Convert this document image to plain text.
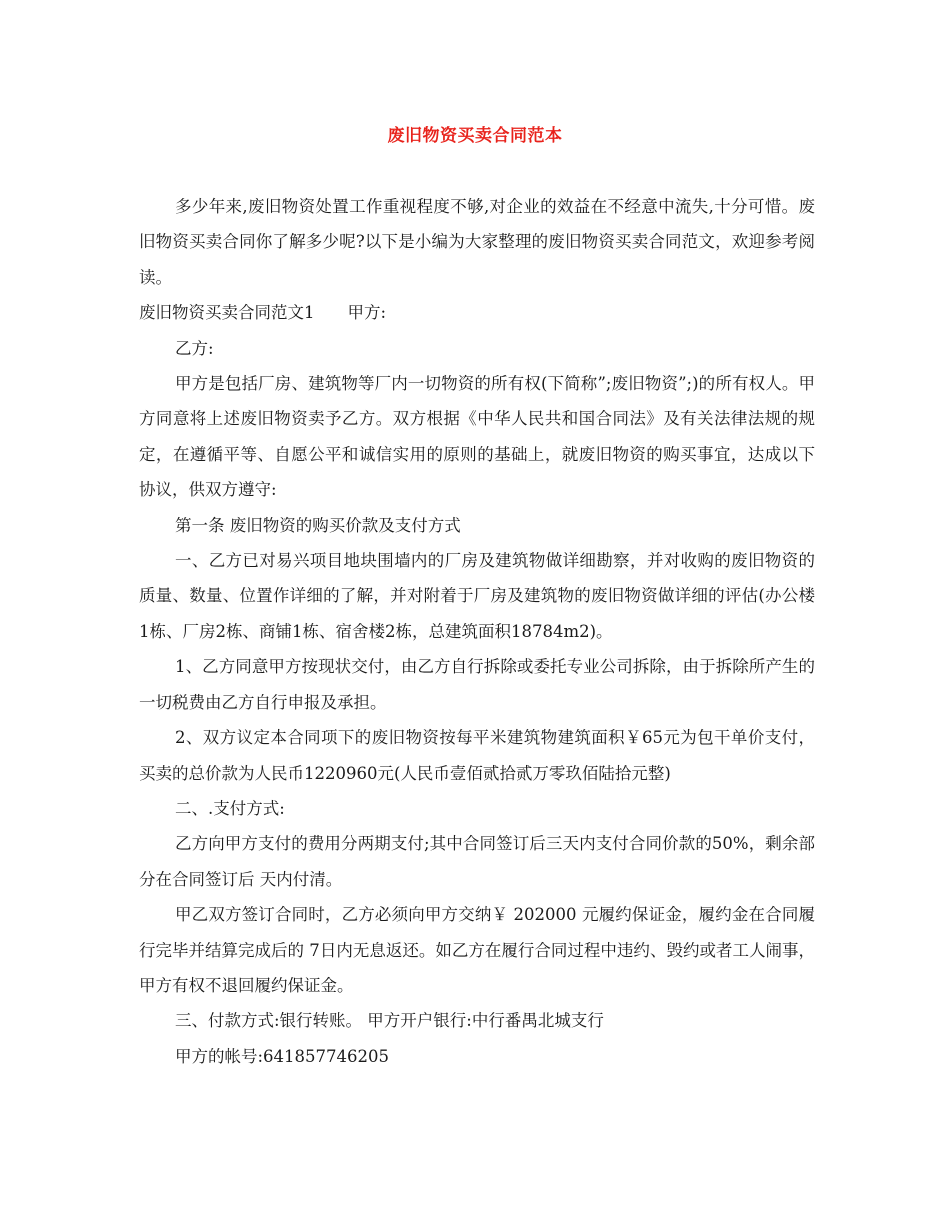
废旧物资买卖合同范本

多少年来,废旧物资处置工作重视程度不够,对企业的效益在不经意中流失,十分可惜。废旧物资买卖合同你了解多少呢?以下是小编为大家整理的废旧物资买卖合同范文，欢迎参考阅读。

废旧物资买卖合同范文1　　甲方:

乙方:

甲方是包括厂房、建筑物等厂内一切物资的所有权(下简称”;废旧物资”;)的所有权人。甲方同意将上述废旧物资卖予乙方。双方根据《中华人民共和国合同法》及有关法律法规的规定，在遵循平等、自愿公平和诚信实用的原则的基础上，就废旧物资的购买事宜，达成以下协议，供双方遵守:

第一条 废旧物资的购买价款及支付方式

一、乙方已对易兴项目地块围墙内的厂房及建筑物做详细勘察，并对收购的废旧物资的质量、数量、位置作详细的了解，并对附着于厂房及建筑物的废旧物资做详细的评估(办公楼1栋、厂房2栋、商铺1栋、宿舍楼2栋，总建筑面积18784m2)。

1、乙方同意甲方按现状交付，由乙方自行拆除或委托专业公司拆除，由于拆除所产生的一切税费由乙方自行申报及承担。

2、双方议定本合同项下的废旧物资按每平米建筑物建筑面积￥65元为包干单价支付，买卖的总价款为人民币1220960元(人民币壹佰贰拾贰万零玖佰陆拾元整)

二、.支付方式:

乙方向甲方支付的费用分两期支付;其中合同签订后三天内支付合同价款的50%，剩余部分在合同签订后 天内付清。

甲乙双方签订合同时，乙方必须向甲方交纳￥ 202000 元履约保证金，履约金在合同履行完毕并结算完成后的 7日内无息返还。如乙方在履行合同过程中违约、毁约或者工人闹事，甲方有权不退回履约保证金。

三、付款方式:银行转账。 甲方开户银行:中行番禺北城支行

甲方的帐号:641857746205
